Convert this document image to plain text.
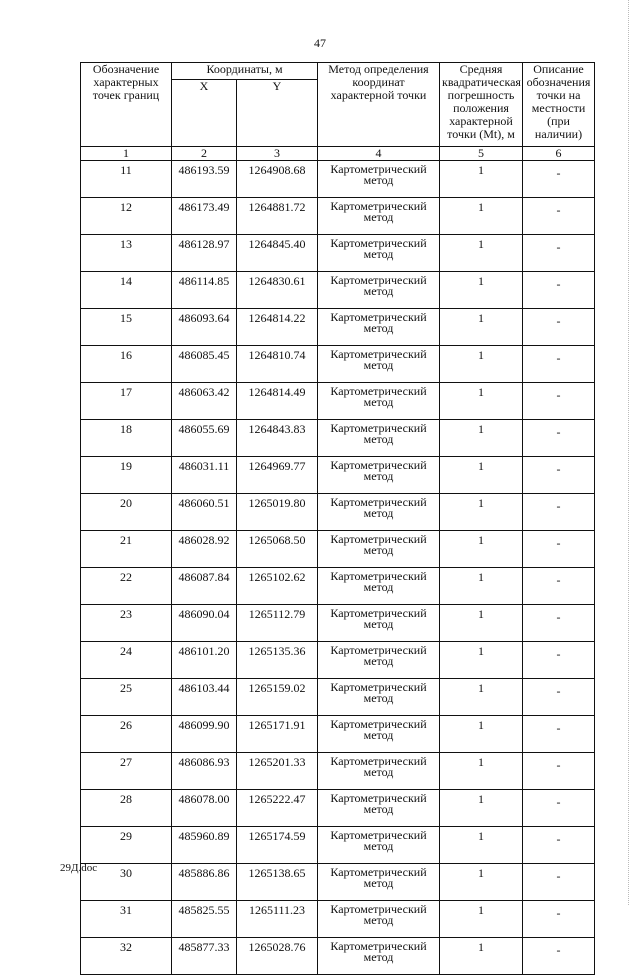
47
Обозначение характерных точек границ	Координаты, м		Метод определения координат характерной точки	Средняя квадратическая погрешность положения характерной точки (Mt), м	Описание обозначения точки на местности (при наличии)
	X	Y			
1	2	3	4	5	6
11	486193.59	1264908.68	Картометрический метод	1	-
12	486173.49	1264881.72	Картометрический метод	1	-
13	486128.97	1264845.40	Картометрический метод	1	-
14	486114.85	1264830.61	Картометрический метод	1	-
15	486093.64	1264814.22	Картометрический метод	1	-
16	486085.45	1264810.74	Картометрический метод	1	-
17	486063.42	1264814.49	Картометрический метод	1	-
18	486055.69	1264843.83	Картометрический метод	1	-
19	486031.11	1264969.77	Картометрический метод	1	-
20	486060.51	1265019.80	Картометрический метод	1	-
21	486028.92	1265068.50	Картометрический метод	1	-
22	486087.84	1265102.62	Картометрический метод	1	-
23	486090.04	1265112.79	Картометрический метод	1	-
24	486101.20	1265135.36	Картометрический метод	1	-
25	486103.44	1265159.02	Картометрический метод	1	-
26	486099.90	1265171.91	Картометрический метод	1	-
27	486086.93	1265201.33	Картометрический метод	1	-
28	486078.00	1265222.47	Картометрический метод	1	-
29	485960.89	1265174.59	Картометрический метод	1	-
30	485886.86	1265138.65	Картометрический метод	1	-
31	485825.55	1265111.23	Картометрический метод	1	-
32	485877.33	1265028.76	Картометрический метод	1	-
29Д.doc
